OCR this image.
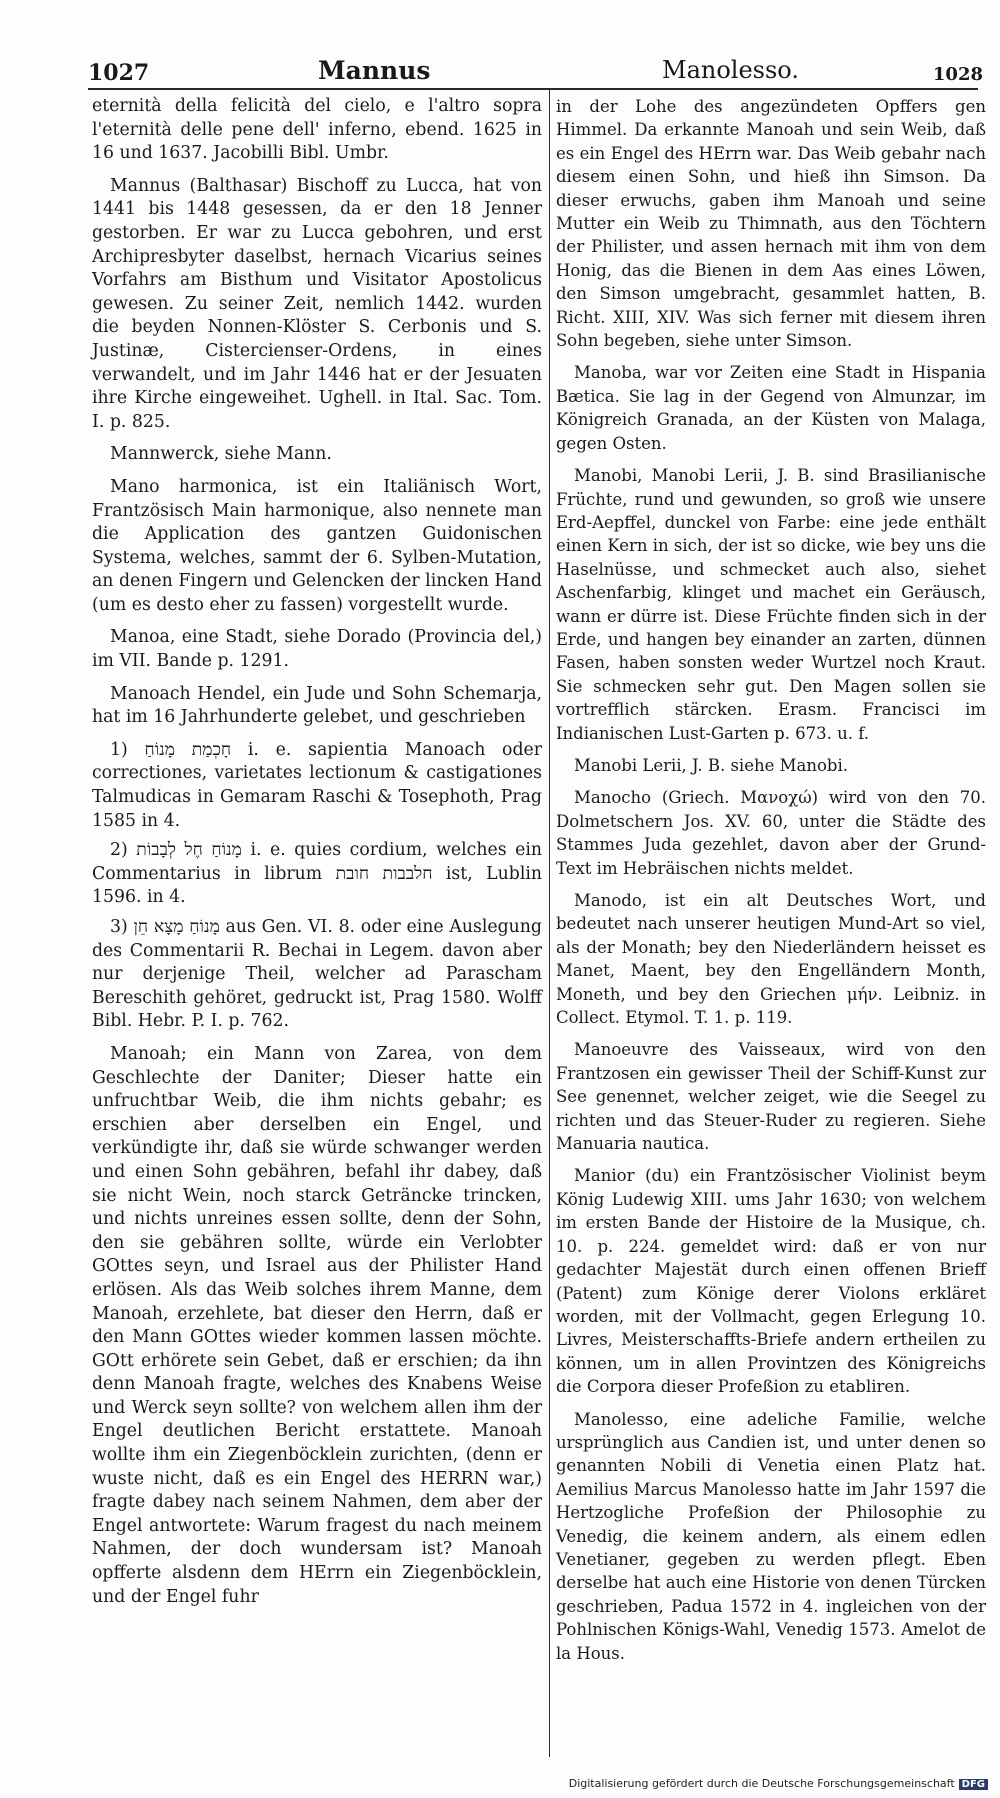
1027	Mannus	Manolesso.	1028

eternità della felicità del cielo, e l'altro sopra l'eternità delle pene dell' inferno, ebend. 1625 in 16 und 1637. Jacobilli Bibl. Umbr.

Mannus (Balthasar) Bischoff zu Lucca, hat von 1441 bis 1448 gesessen, da er den 18 Jenner gestorben. Er war zu Lucca gebohren, und erst Archipresbyter daselbst, hernach Vicarius seines Vorfahrs am Bisthum und Visitator Apostolicus gewesen. Zu seiner Zeit, nemlich 1442. wurden die beyden Nonnen-Klöster S. Cerbonis und S. Justinæ, Cistercienser-Ordens, in eines verwandelt, und im Jahr 1446 hat er der Jesuaten ihre Kirche eingeweihet. Ughell. in Ital. Sac. Tom. I. p. 825.

Mannwerck, siehe Mann.

Mano harmonica, ist ein Italiänisch Wort, Frantzösisch Main harmonique, also nennete man die Application des gantzen Guidonischen Systema, welches, sammt der 6. Sylben-Mutation, an denen Fingern und Gelencken der lincken Hand (um es desto eher zu fassen) vorgestellt wurde.

Manoa, eine Stadt, siehe Dorado (Provincia del,) im VII. Bande p. 1291.

Manoach Hendel, ein Jude und Sohn Schemarja, hat im 16 Jahrhunderte gelebet, und geschrieben

1) חָכְמַת מָנוֹחַ i. e. sapientia Manoach oder correctiones, varietates lectionum & castigationes Talmudicas in Gemaram Raschi & Tosephoth, Prag 1585 in 4.

2) מָנוֹחַ חֶל לְבָבוֹת i. e. quies cordium, welches ein Commentarius in librum חלבבות חובת ist, Lublin 1596. in 4.

3) מָנוֹחַ מָצָא חֵן aus Gen. VI. 8. oder eine Auslegung des Commentarii R. Bechai in Legem. davon aber nur derjenige Theil, welcher ad Parascham Bereschith gehöret, gedruckt ist, Prag 1580. Wolff Bibl. Hebr. P. I. p. 762.

Manoah; ein Mann von Zarea, von dem Geschlechte der Daniter; Dieser hatte ein unfruchtbar Weib, die ihm nichts gebahr; es erschien aber derselben ein Engel, und verkündigte ihr, daß sie würde schwanger werden und einen Sohn gebähren, befahl ihr dabey, daß sie nicht Wein, noch starck Geträncke trincken, und nichts unreines essen sollte, denn der Sohn, den sie gebähren sollte, würde ein Verlobter GOttes seyn, und Israel aus der Philister Hand erlösen. Als das Weib solches ihrem Manne, dem Manoah, erzehlete, bat dieser den Herrn, daß er den Mann GOttes wieder kommen lassen möchte. GOtt erhörete sein Gebet, daß er erschien; da ihn denn Manoah fragte, welches des Knabens Weise und Werck seyn sollte? von welchem allen ihm der Engel deutlichen Bericht erstattete. Manoah wollte ihm ein Ziegenböcklein zurichten, (denn er wuste nicht, daß es ein Engel des HERRN war,) fragte dabey nach seinem Nahmen, dem aber der Engel antwortete: Warum fragest du nach meinem Nahmen, der doch wundersam ist? Manoah opfferte alsdenn dem HErrn ein Ziegenböcklein, und der Engel fuhr

in der Lohe des angezündeten Opffers gen Himmel. Da erkannte Manoah und sein Weib, daß es ein Engel des HErrn war. Das Weib gebahr nach diesem einen Sohn, und hieß ihn Simson. Da dieser erwuchs, gaben ihm Manoah und seine Mutter ein Weib zu Thimnath, aus den Töchtern der Philister, und assen hernach mit ihm von dem Honig, das die Bienen in dem Aas eines Löwen, den Simson umgebracht, gesammlet hatten, B. Richt. XIII, XIV. Was sich ferner mit diesem ihren Sohn begeben, siehe unter Simson.

Manoba, war vor Zeiten eine Stadt in Hispania Bætica. Sie lag in der Gegend von Almunzar, im Königreich Granada, an der Küsten von Malaga, gegen Osten.

Manobi, Manobi Lerii, J. B. sind Brasilianische Früchte, rund und gewunden, so groß wie unsere Erd-Aepffel, dunckel von Farbe: eine jede enthält einen Kern in sich, der ist so dicke, wie bey uns die Haselnüsse, und schmecket auch also, siehet Aschenfarbig, klinget und machet ein Geräusch, wann er dürre ist. Diese Früchte finden sich in der Erde, und hangen bey einander an zarten, dünnen Fasen, haben sonsten weder Wurtzel noch Kraut. Sie schmecken sehr gut. Den Magen sollen sie vortrefflich stärcken. Erasm. Francisci im Indianischen Lust-Garten p. 673. u. f.

Manobi Lerii, J. B. siehe Manobi.

Manocho (Griech. Μανοχώ) wird von den 70. Dolmetschern Jos. XV. 60, unter die Städte des Stammes Juda gezehlet, davon aber der Grund-Text im Hebräischen nichts meldet.

Manodo, ist ein alt Deutsches Wort, und bedeutet nach unserer heutigen Mund-Art so viel, als der Monath; bey den Niederländern heisset es Manet, Maent, bey den Engelländern Month, Moneth, und bey den Griechen μήν. Leibniz. in Collect. Etymol. T. 1. p. 119.

Manoeuvre des Vaisseaux, wird von den Frantzosen ein gewisser Theil der Schiff-Kunst zur See genennet, welcher zeiget, wie die Seegel zu richten und das Steuer-Ruder zu regieren. Siehe Manuaria nautica.

Manior (du) ein Frantzösischer Violinist beym König Ludewig XIII. ums Jahr 1630; von welchem im ersten Bande der Histoire de la Musique, ch. 10. p. 224. gemeldet wird: daß er von nur gedachter Majestät durch einen offenen Brieff (Patent) zum Könige derer Violons erkläret worden, mit der Vollmacht, gegen Erlegung 10. Livres, Meisterschaffts-Briefe andern ertheilen zu können, um in allen Provintzen des Königreichs die Corpora dieser Profeßion zu etabliren.

Manolesso, eine adeliche Familie, welche ursprünglich aus Candien ist, und unter denen so genannten Nobili di Venetia einen Platz hat. Aemilius Marcus Manolesso hatte im Jahr 1597 die Hertzogliche Profeßion der Philosophie zu Venedig, die keinem andern, als einem edlen Venetianer, gegeben zu werden pflegt. Eben derselbe hat auch eine Historie von denen Türcken geschrieben, Padua 1572 in 4. ingleichen von der Pohlnischen Königs-Wahl, Venedig 1573. Amelot de la Hous.

Digitalisierung gefördert durch die Deutsche Forschungsgemeinschaft DFG
